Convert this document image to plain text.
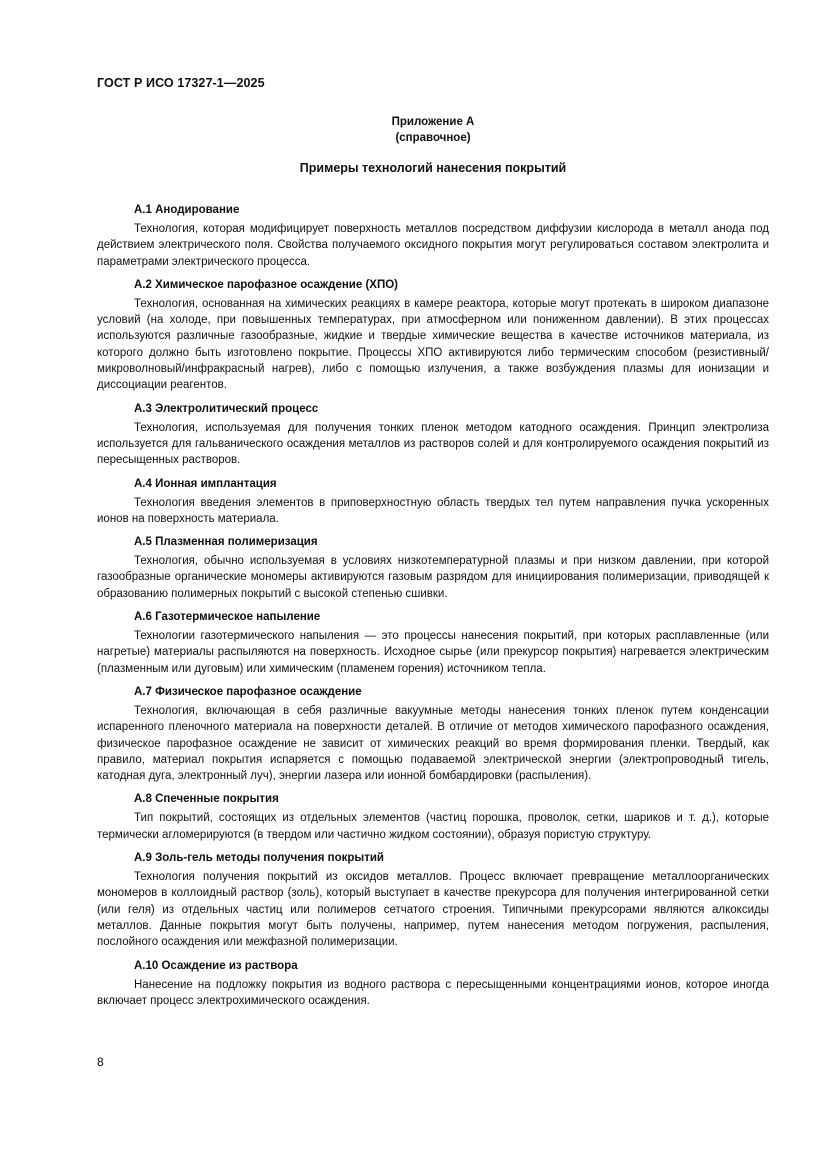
ГОСТ Р ИСО 17327-1—2025
Приложение А
(справочное)
Примеры технологий нанесения покрытий
А.1 Анодирование

Технология, которая модифицирует поверхность металлов посредством диффузии кислорода в металл анода под действием электрического поля. Свойства получаемого оксидного покрытия могут регулироваться составом электролита и параметрами электрического процесса.

А.2 Химическое парофазное осаждение (ХПО)

Технология, основанная на химических реакциях в камере реактора, которые могут протекать в широком диапазоне условий (на холоде, при повышенных температурах, при атмосферном или пониженном давлении). В этих процессах используются различные газообразные, жидкие и твердые химические вещества в качестве источников материала, из которого должно быть изготовлено покрытие. Процессы ХПО активируются либо термическим способом (резистивный/микроволновый/инфракрасный нагрев), либо с помощью излучения, а также возбуждения плазмы для ионизации и диссоциации реагентов.

А.3 Электролитический процесс

Технология, используемая для получения тонких пленок методом катодного осаждения. Принцип электролиза используется для гальванического осаждения металлов из растворов солей и для контролируемого осаждения покрытий из пересыщенных растворов.

А.4 Ионная имплантация

Технология введения элементов в приповерхностную область твердых тел путем направления пучка ускоренных ионов на поверхность материала.

А.5 Плазменная полимеризация

Технология, обычно используемая в условиях низкотемпературной плазмы и при низком давлении, при которой газообразные органические мономеры активируются газовым разрядом для инициирования полимеризации, приводящей к образованию полимерных покрытий с высокой степенью сшивки.

А.6 Газотермическое напыление

Технологии газотермического напыления — это процессы нанесения покрытий, при которых расплавленные (или нагретые) материалы распыляются на поверхность. Исходное сырье (или прекурсор покрытия) нагревается электрическим (плазменным или дуговым) или химическим (пламенем горения) источником тепла.

А.7 Физическое парофазное осаждение

Технология, включающая в себя различные вакуумные методы нанесения тонких пленок путем конденсации испаренного пленочного материала на поверхности деталей. В отличие от методов химического парофазного осаждения, физическое парофазное осаждение не зависит от химических реакций во время формирования пленки. Твердый, как правило, материал покрытия испаряется с помощью подаваемой электрической энергии (электропроводный тигель, катодная дуга, электронный луч), энергии лазера или ионной бомбардировки (распыления).

А.8 Спеченные покрытия

Тип покрытий, состоящих из отдельных элементов (частиц порошка, проволок, сетки, шариков и т. д.), которые термически агломерируются (в твердом или частично жидком состоянии), образуя пористую структуру.

А.9 Золь-гель методы получения покрытий

Технология получения покрытий из оксидов металлов. Процесс включает превращение металлоорганических мономеров в коллоидный раствор (золь), который выступает в качестве прекурсора для получения интегрированной сетки (или геля) из отдельных частиц или полимеров сетчатого строения. Типичными прекурсорами являются алкоксиды металлов. Данные покрытия могут быть получены, например, путем нанесения методом погружения, распыления, послойного осаждения или межфазной полимеризации.

А.10 Осаждение из раствора

Нанесение на подложку покрытия из водного раствора с пересыщенными концентрациями ионов, которое иногда включает процесс электрохимического осаждения.

8
